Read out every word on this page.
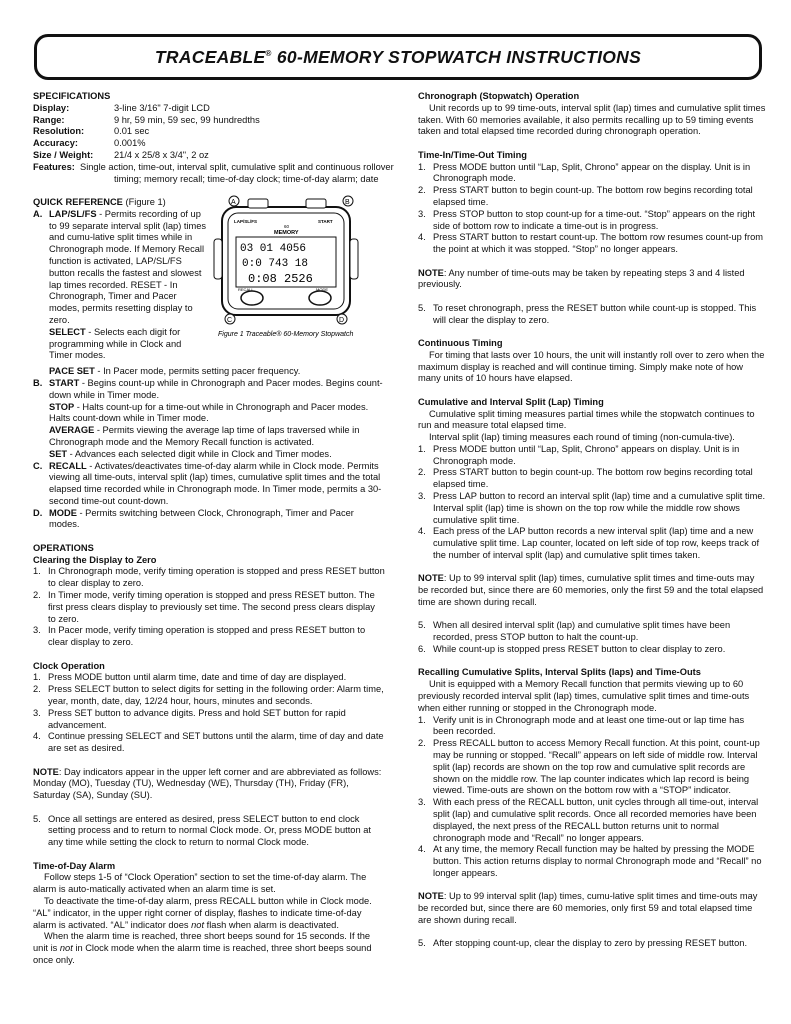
TRACEABLE® 60-MEMORY STOPWATCH INSTRUCTIONS

SPECIFICATIONS

Display:	3-line 3/16" 7-digit LCD
Range:	9 hr, 59 min, 59 sec, 99 hundredths
Resolution:	0.01 sec
Accuracy:	0.001%
Size / Weight:	21/4 x 25/8 x 3/4", 2 oz
Features: Single action, time-out, interval split, cumulative split and continuous rollover timing; memory recall; time-of-day clock; time-of-day alarm; date

QUICK REFERENCE (Figure 1)

A. LAP/SL/FS - Permits recording of up to 99 separate interval split (lap) times and cumu-lative split times while in Chronograph mode. If Memory Recall function is activated, LAP/SL/FS button recalls the fastest and slowest lap times recorded. RESET - In Chronograph, Timer and Pacer modes, permits resetting display to zero.
SELECT - Selects each digit for programming while in Clock and Timer modes.
PACE SET - In Pacer mode, permits setting pacer frequency.
B. START - Begins count-up while in Chronograph and Pacer modes. Begins count-down while in Timer mode.
STOP - Halts count-up for a time-out while in Chronograph and Pacer modes. Halts count-down while in Timer mode.
AVERAGE - Permits viewing the average lap time of laps traversed while in Chronograph mode and the Memory Recall function is activated.
SET - Advances each selected digit while in Clock and Timer modes.
C. RECALL - Activates/deactivates time-of-day alarm while in Clock mode. Permits viewing all time-outs, interval split (lap) times, cumulative split times and the total elapsed time recorded while in Chronograph mode. In Timer mode, permits a 30-second time-out count-down.
D. MODE - Permits switching between Clock, Chronograph, Timer and Pacer modes.

OPERATIONS

Clearing the Display to Zero

1. In Chronograph mode, verify timing operation is stopped and press RESET button to clear display to zero.
2. In Timer mode, verify timing operation is stopped and press RESET button. The first press clears display to previously set time. The second press clears display to zero.
3. In Pacer mode, verify timing operation is stopped and press RESET button to clear display to zero.

Clock Operation

1. Press MODE button until alarm time, date and time of day are displayed.
2. Press SELECT button to select digits for setting in the following order: Alarm time, year, month, date, day, 12/24 hour, hours, minutes and seconds.
3. Press SET button to advance digits. Press and hold SET button for rapid advancement.
4. Continue pressing SELECT and SET buttons until the alarm, time of day and date are set as desired.

NOTE: Day indicators appear in the upper left corner and are abbreviated as follows: Monday (MO), Tuesday (TU), Wednesday (WE), Thursday (TH), Friday (FR), Saturday (SA), Sunday (SU).

5. Once all settings are entered as desired, press SELECT button to end clock setting process and to return to normal Clock mode. Or, press MODE button at any time while setting the clock to return to normal Clock mode.

Time-of-Day Alarm

Follow steps 1-5 of “Clock Operation” section to set the time-of-day alarm. The alarm is auto-matically activated when an alarm time is set.

To deactivate the time-of-day alarm, press RECALL button while in Clock mode. “AL” indicator, in the upper right corner of display, flashes to indicate time-of-day alarm is activated. “AL” indicator does not flash when alarm is deactivated.

When the alarm time is reached, three short beeps sound for 15 seconds. If the unit is not in Clock mode when the alarm time is reached, three short beeps sound once only.

LAP/SL/FS	START
60
MEMORY
03 01 4056
0:0 743 18
0:08 2526
RECALL	MODE
A	B
C	D
Figure 1 Traceable® 60-Memory Stopwatch

Chronograph (Stopwatch) Operation

Unit records up to 99 time-outs, interval split (lap) times and cumulative split times taken. With 60 memories available, it also permits recalling up to 59 timing events taken and total elapsed time recorded during chronograph operation.

Time-In/Time-Out Timing

1. Press MODE button until “Lap, Split, Chrono” appear on the display. Unit is in Chronograph mode.
2. Press START button to begin count-up. The bottom row begins recording total elapsed time.
3. Press STOP button to stop count-up for a time-out. “Stop” appears on the right side of bottom row to indicate a time-out is in progress.
4. Press START button to restart count-up. The bottom row resumes count-up from the point at which it was stopped. “Stop” no longer appears.

NOTE: Any number of time-outs may be taken by repeating steps 3 and 4 listed previously.

5. To reset chronograph, press the RESET button while count-up is stopped. This will clear the display to zero.

Continuous Timing

For timing that lasts over 10 hours, the unit will instantly roll over to zero when the maximum display is reached and will continue timing. Simply make note of how many units of 10 hours have elapsed.

Cumulative and Interval Split (Lap) Timing

Cumulative split timing measures partial times while the stopwatch continues to run and measure total elapsed time.

Interval split (lap) timing measures each round of timing (non-cumula-tive).

1. Press MODE button until “Lap, Split, Chrono” appears on display. Unit is in Chronograph mode.
2. Press START button to begin count-up. The bottom row begins recording total elapsed time.
3. Press LAP button to record an interval split (lap) time and a cumulative split time. Interval split (lap) time is shown on the top row while the middle row shows cumulative split time.
4. Each press of the LAP button records a new interval split (lap) time and a new cumulative split time. Lap counter, located on left side of top row, keeps track of the number of interval split (lap) and cumulative split times taken.

NOTE: Up to 99 interval split (lap) times, cumulative split times and time-outs may be recorded but, since there are 60 memories, only the first 59 and the total elapsed time are shown during recall.

5. When all desired interval split (lap) and cumulative split times have been recorded, press STOP button to halt the count-up.
6. While count-up is stopped press RESET button to clear display to zero.

Recalling Cumulative Splits, Interval Splits (laps) and Time-Outs

Unit is equipped with a Memory Recall function that permits viewing up to 60 previously recorded interval split (lap) times, cumulative split times and time-outs when either running or stopped in the Chronograph mode.

1. Verify unit is in Chronograph mode and at least one time-out or lap time has been recorded.
2. Press RECALL button to access Memory Recall function. At this point, count-up may be running or stopped. “Recall” appears on left side of middle row. Interval split (lap) records are shown on the top row and cumulative split records are shown on the middle row. The lap counter indicates which lap record is being viewed. Time-outs are shown on the bottom row with a “STOP” indicator.
3. With each press of the RECALL button, unit cycles through all time-out, interval split (lap) and cumulative split records. Once all recorded memories have been displayed, the next press of the RECALL button returns unit to normal chronograph mode and “Recall” no longer appears.
4. At any time, the memory Recall function may be halted by pressing the MODE button. This action returns display to normal Chronograph mode and “Recall” no longer appears.

NOTE: Up to 99 interval split (lap) times, cumu-lative split times and time-outs may be recorded but, since there are 60 memories, only first 59 and total elapsed time are shown during recall.

5. After stopping count-up, clear the display to zero by pressing RESET button.
